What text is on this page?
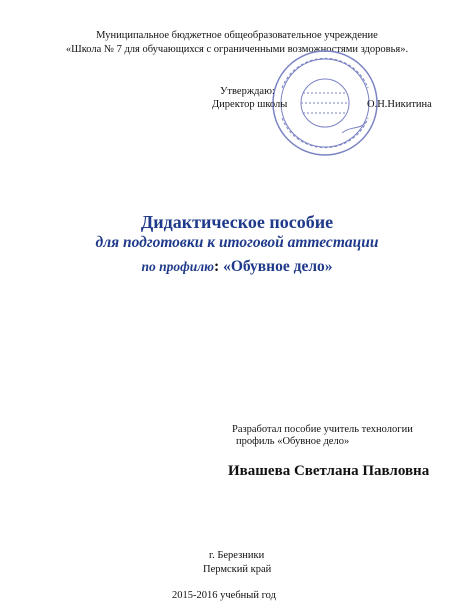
Муниципальное бюджетное общеобразовательное учреждение
«Школа № 7 для обучающихся с ограниченными возможностями здоровья».
Утверждаю:
Директор школы	О.Н.Никитина
Дидактическое пособие
для подготовки к итоговой аттестации
по профилю: «Обувное дело»
Разработал пособие учитель технологии
профиль «Обувное дело»
Ивашева Светлана Павловна
г. Березники
Пермский край
2015-2016 учебный год
